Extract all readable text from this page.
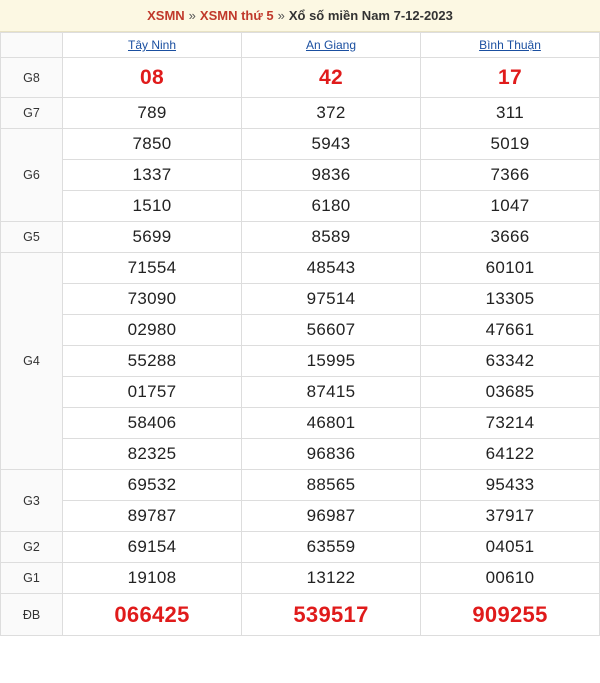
XSMN » XSMN thứ 5 » Xổ số miền Nam 7-12-2023
	Tây Ninh	An Giang	Bình Thuận
G8	08	42	17
G7	789	372	311
G6	7850	5943	5019
	1337	9836	7366
	1510	6180	1047
G5	5699	8589	3666
G4	71554	48543	60101
	73090	97514	13305
	02980	56607	47661
	55288	15995	63342
	01757	87415	03685
	58406	46801	73214
	82325	96836	64122
G3	69532	88565	95433
	89787	96987	37917
G2	69154	63559	04051
G1	19108	13122	00610
ĐB	066425	539517	909255
